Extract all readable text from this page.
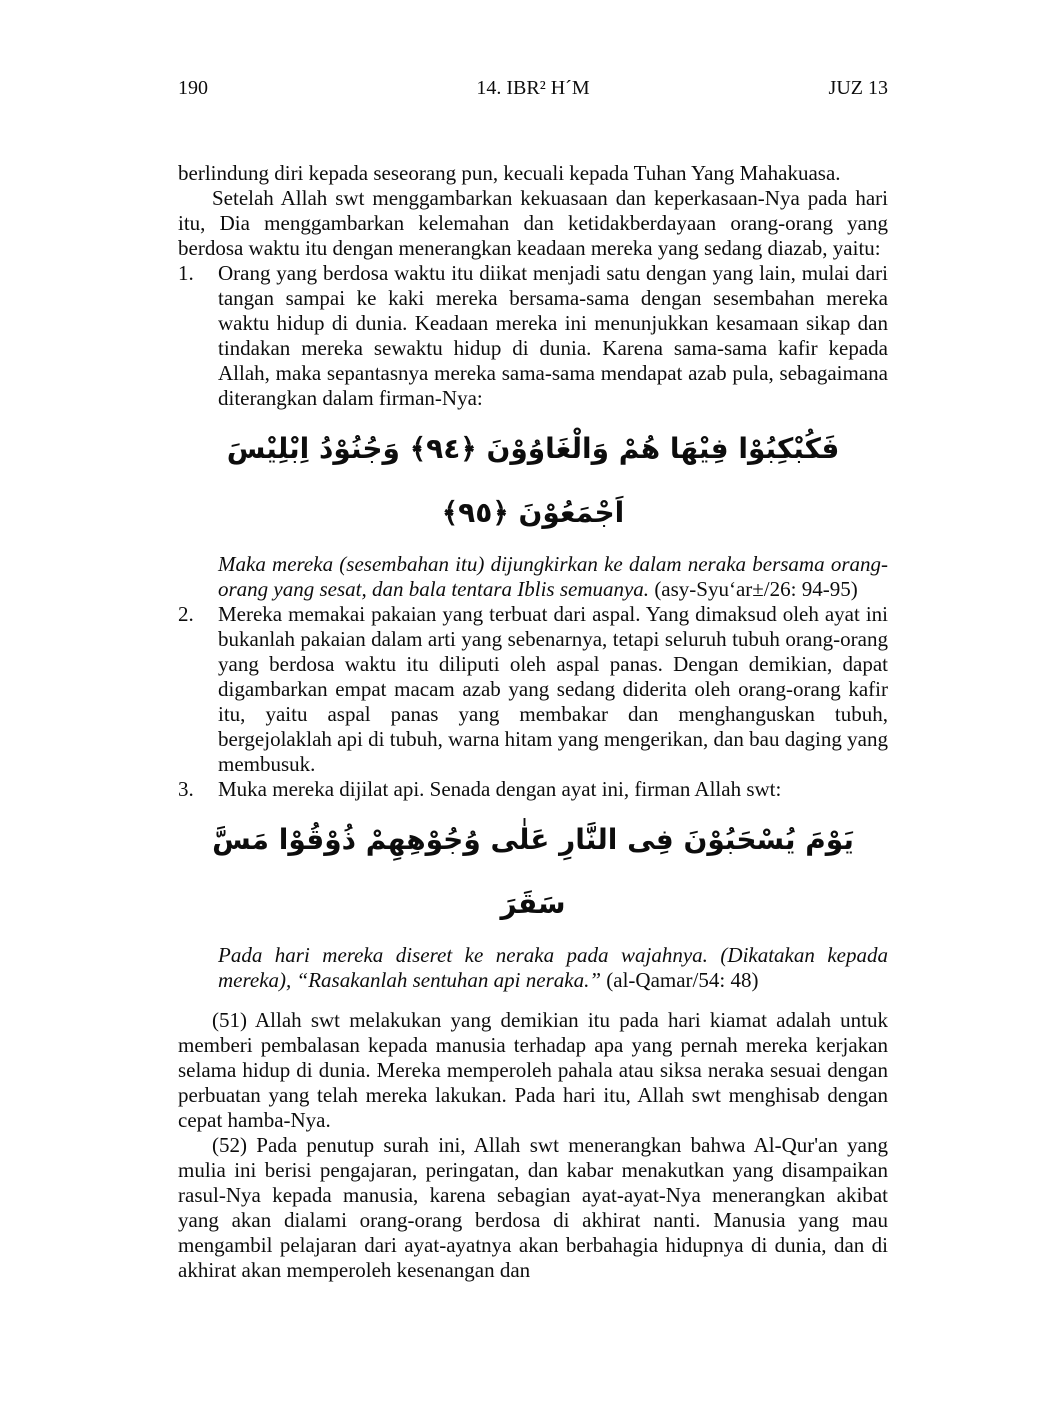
190	14. IBR² H´M	JUZ 13

berlindung diri kepada seseorang pun, kecuali kepada Tuhan Yang Mahakuasa.

Setelah Allah swt menggambarkan kekuasaan dan keperkasaan-Nya pada hari itu, Dia menggambarkan kelemahan dan ketidakberdayaan orang-orang yang berdosa waktu itu dengan menerangkan keadaan mereka yang sedang diazab, yaitu:

1.	Orang yang berdosa waktu itu diikat menjadi satu dengan yang lain, mulai dari tangan sampai ke kaki mereka bersama-sama dengan sesembahan mereka waktu hidup di dunia. Keadaan mereka ini menunjukkan kesamaan sikap dan tindakan mereka sewaktu hidup di dunia. Karena sama-sama kafir kepada Allah, maka sepantasnya mereka sama-sama mendapat azab pula, sebagaimana diterangkan dalam firman-Nya:
فَكُبْكِبُوْا فِيْهَا هُمْ وَالْغَاوُوْنَ ﴿٩٤﴾ وَجُنُوْدُ اِبْلِيْسَ اَجْمَعُوْنَ ﴿٩٥﴾

Maka mereka (sesembahan itu) dijungkirkan ke dalam neraka bersama orang-orang yang sesat, dan bala tentara Iblis semuanya. (asy-Syu‘ar±/26: 94-95)

2.	Mereka memakai pakaian yang terbuat dari aspal. Yang dimaksud oleh ayat ini bukanlah pakaian dalam arti yang sebenarnya, tetapi seluruh tubuh orang-orang yang berdosa waktu itu diliputi oleh aspal panas. Dengan demikian, dapat digambarkan empat macam azab yang sedang diderita oleh orang-orang kafir itu, yaitu aspal panas yang membakar dan menghanguskan tubuh, bergejolaklah api di tubuh, warna hitam yang mengerikan, dan bau daging yang membusuk.
3.	Muka mereka dijilat api. Senada dengan ayat ini, firman Allah swt:
يَوْمَ يُسْحَبُوْنَ فِى النَّارِ عَلٰى وُجُوْهِهِمْ ذُوْقُوْا مَسَّ سَقَرَ

Pada hari mereka diseret ke neraka pada wajahnya. (Dikatakan kepada mereka), “Rasakanlah sentuhan api neraka.” (al-Qamar/54: 48)

(51) Allah swt melakukan yang demikian itu pada hari kiamat adalah untuk memberi pembalasan kepada manusia terhadap apa yang pernah mereka kerjakan selama hidup di dunia. Mereka memperoleh pahala atau siksa neraka sesuai dengan perbuatan yang telah mereka lakukan. Pada hari itu, Allah swt menghisab dengan cepat hamba-Nya.

(52) Pada penutup surah ini, Allah swt menerangkan bahwa Al-Qur'an yang mulia ini berisi pengajaran, peringatan, dan kabar menakutkan yang disampaikan rasul-Nya kepada manusia, karena sebagian ayat-ayat-Nya menerangkan akibat yang akan dialami orang-orang berdosa di akhirat nanti. Manusia yang mau mengambil pelajaran dari ayat-ayatnya akan berbahagia hidupnya di dunia, dan di akhirat akan memperoleh kesenangan dan
